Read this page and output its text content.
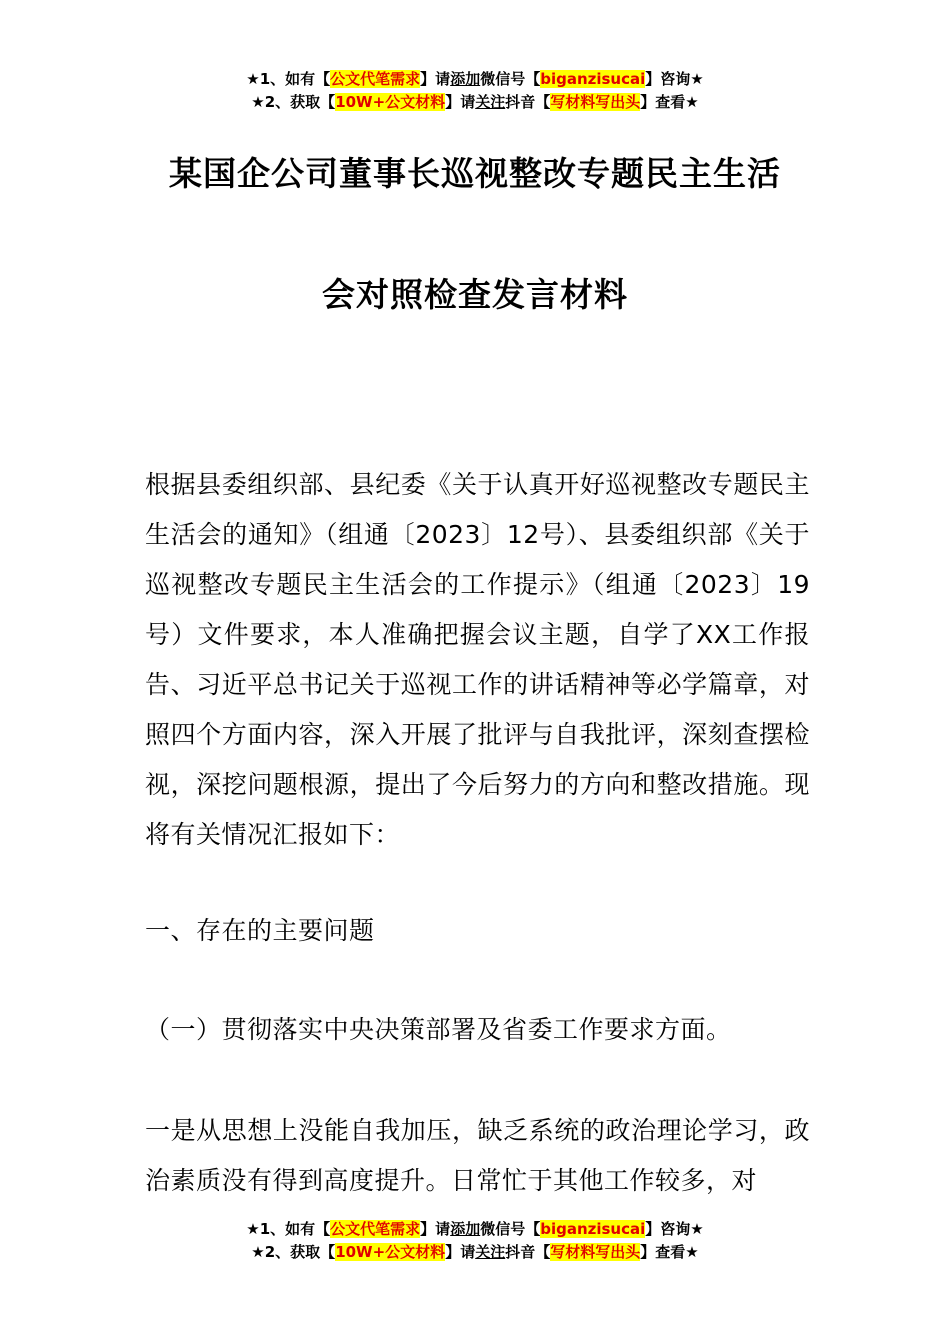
★1、如有【公文代笔需求】请添加微信号【biganzisucai】咨询★
★2、获取【10W+公文材料】请关注抖音【写材料写出头】查看★
某国企公司董事长巡视整改专题民主生活
会对照检查发言材料
根据县委组织部、县纪委《关于认真开好巡视整改专题民主生活会的通知》（组通〔2023〕12号）、县委组织部《关于巡视整改专题民主生活会的工作提示》（组通〔2023〕19号）文件要求，本人准确把握会议主题，自学了XX工作报告、习近平总书记关于巡视工作的讲话精神等必学篇章，对照四个方面内容，深入开展了批评与自我批评，深刻查摆检视，深挖问题根源，提出了今后努力的方向和整改措施。现将有关情况汇报如下：
一、存在的主要问题
（一）贯彻落实中央决策部署及省委工作要求方面。
一是从思想上没能自我加压，缺乏系统的政治理论学习，政治素质没有得到高度提升。日常忙于其他工作较多，对
★1、如有【公文代笔需求】请添加微信号【biganzisucai】咨询★
★2、获取【10W+公文材料】请关注抖音【写材料写出头】查看★
